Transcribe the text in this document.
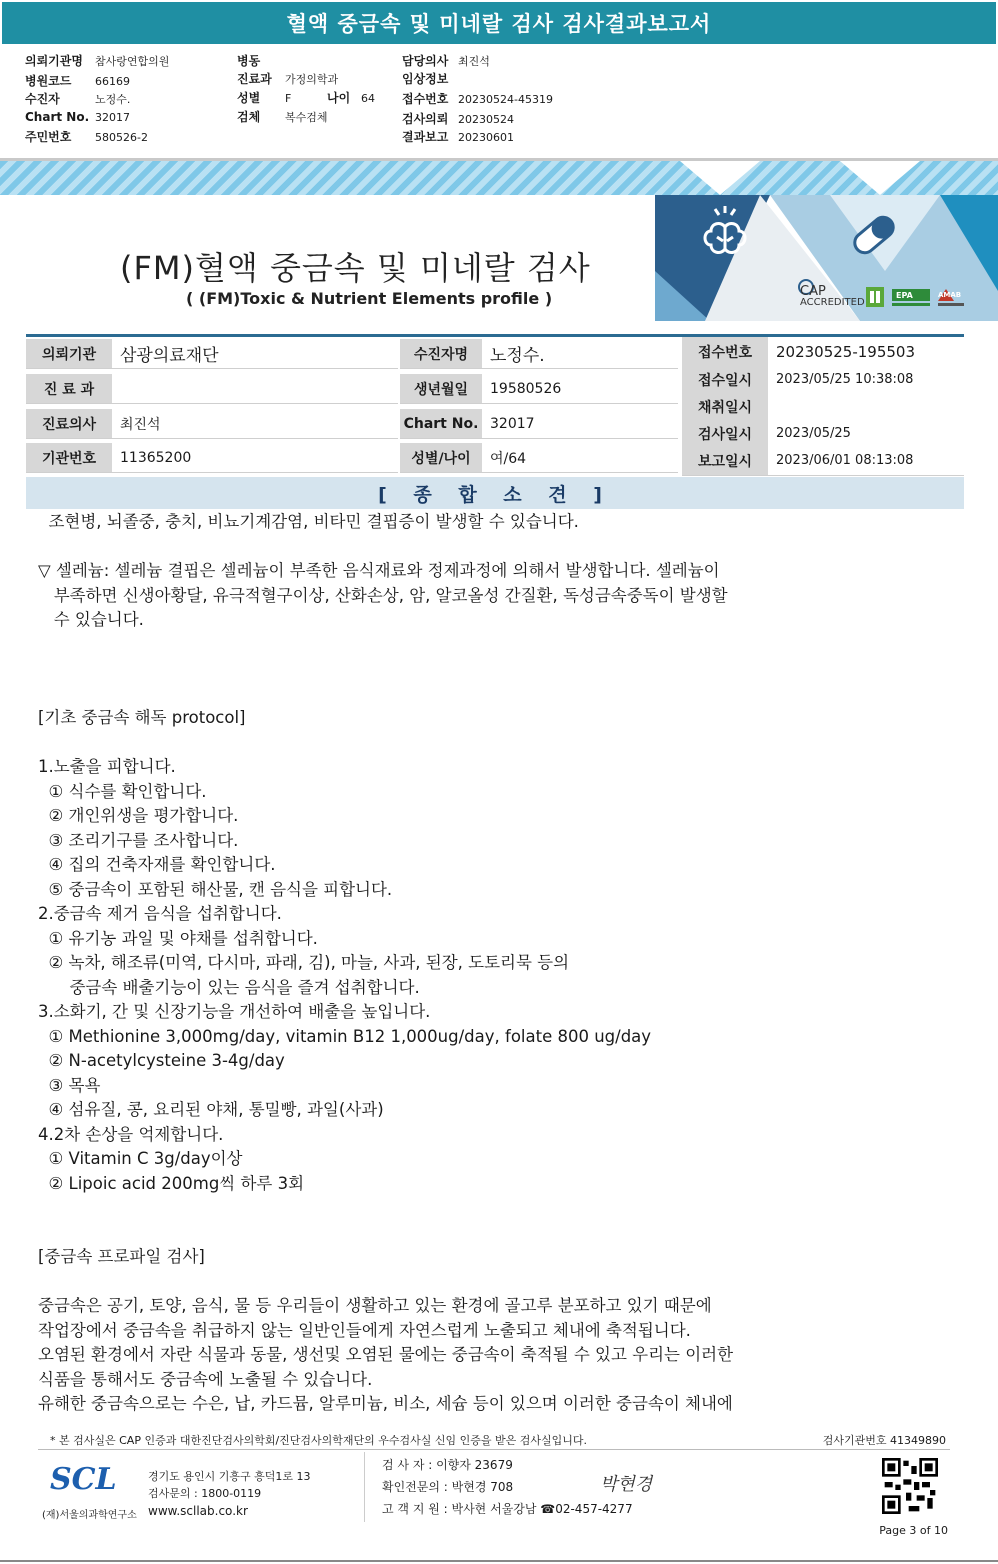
혈액 중금속 및 미네랄 검사 검사결과보고서
의뢰기관명 참사랑연합의원
병원코드 66169
수진자	노정수.
Chart No. 32017
주민번호 580526-2
병동
진료과 가정의학과
성별 F	나이 64
검체 복수검체
담당의사 최진석
임상정보
접수번호 20230524-45319
검사의뢰 20230524
결과보고 20230601
(FM)혈액 중금속 및 미네랄 검사
( (FM)Toxic & Nutrient Elements profile )	CAP
ACCREDITED
EPA	AMAB
의뢰기관	삼광의료재단
진 료 과
진료의사	최진석
기관번호	11365200
수진자명	노정수.
생년월일	19580526
Chart No. 32017
성별/나이	여/64
접수번호	20230525-195503
접수일시	2023/05/25 10:38:08
채취일시
검사일시	2023/05/25
보고일시	2023/06/01 08:13:08
[ 종 합 소 견 ]
조현병, 뇌졸중, 충치, 비뇨기계감염, 비타민 결핍증이 발생할 수 있습니다.
▽ 셀레늄: 셀레늄 결핍은 셀레늄이 부족한 음식재료와 정제과정에 의해서 발생합니다. 셀레늄이
부족하면 신생아황달, 유극적혈구이상, 산화손상, 암, 알코올성 간질환, 독성금속중독이 발생할
수 있습니다.
[기초 중금속 해독 protocol]
1.노출을 피합니다.
① 식수를 확인합니다.
② 개인위생을 평가합니다.
③ 조리기구를 조사합니다.
④ 집의 건축자재를 확인합니다.
⑤ 중금속이 포함된 해산물, 캔 음식을 피합니다.
2.중금속 제거 음식을 섭취합니다.
① 유기농 과일 및 야채를 섭취합니다.
② 녹차, 해조류(미역, 다시마, 파래, 김), 마늘, 사과, 된장, 도토리묵 등의
중금속 배출기능이 있는 음식을 즐겨 섭취합니다.
3.소화기, 간 및 신장기능을 개선하여 배출을 높입니다.
① Methionine 3,000mg/day, vitamin B12 1,000ug/day, folate 800 ug/day
② N-acetylcysteine 3-4g/day
③ 목욕
④ 섬유질, 콩, 요리된 야채, 통밀빵, 과일(사과)
4.2차 손상을 억제합니다.
① Vitamin C 3g/day이상
② Lipoic acid 200mg씩 하루 3회
[중금속 프로파일 검사]
중금속은 공기, 토양, 음식, 물 등 우리들이 생활하고 있는 환경에 골고루 분포하고 있기 때문에
작업장에서 중금속을 취급하지 않는 일반인들에게 자연스럽게 노출되고 체내에 축적됩니다.
오염된 환경에서 자란 식물과 동물, 생선및 오염된 물에는 중금속이 축적될 수 있고 우리는 이러한
식품을 통해서도 중금속에 노출될 수 있습니다.
유해한 중금속으로는 수은, 납, 카드뮴, 알루미늄, 비소, 세슘 등이 있으며 이러한 중금속이 체내에
* 본 검사실은 CAP 인증과 대한진단검사의학회/진단검사의학재단의 우수검사실 신임 인증을 받은 검사실입니다.	검사기관번호 41349890
SCL
(재)서울의과학연구소
경기도 용인시 기흥구 흥덕1로 13
검사문의 : 1800-0119
www.scllab.co.kr
검 사 자 : 이향자 23679
확인전문의 : 박현경 708
고 객 지 원 : 박사현 서울강남 ☎02-457-4277
박현경
Page 3 of 10
